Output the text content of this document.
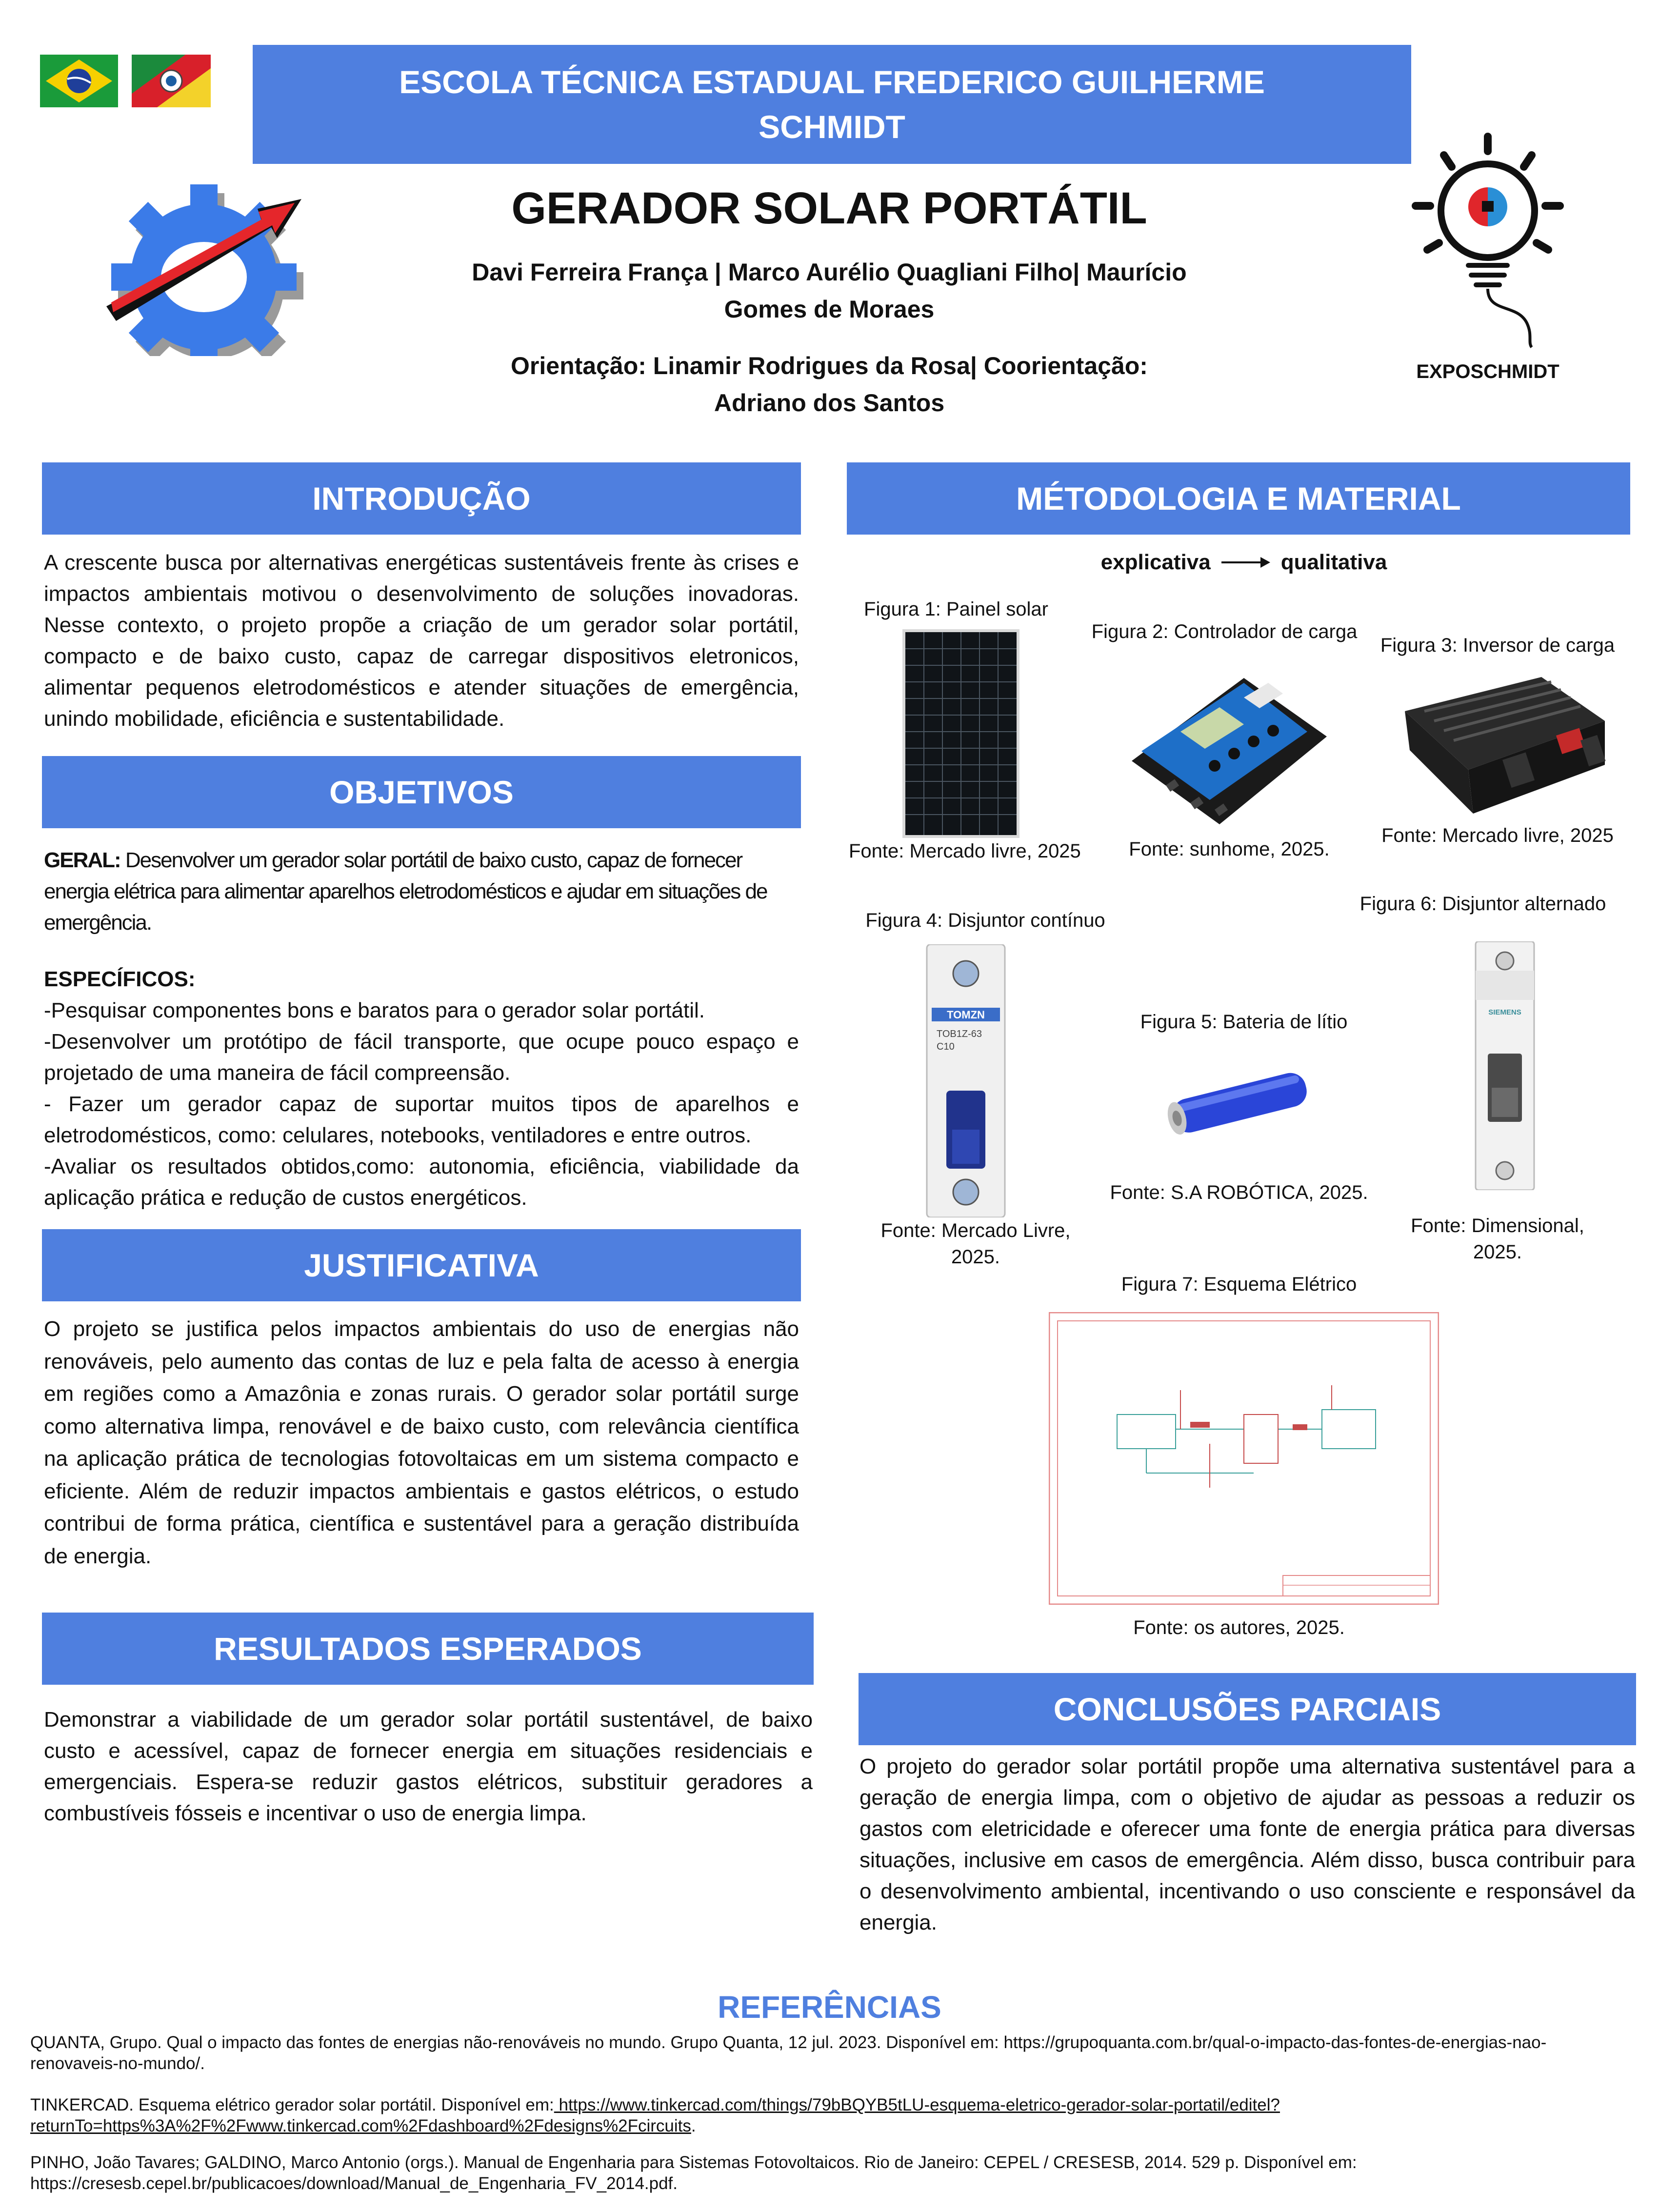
ESCOLA TÉCNICA ESTADUAL FREDERICO GUILHERME
SCHMIDT
GERADOR SOLAR PORTÁTIL
Davi Ferreira França | Marco Aurélio Quagliani Filho| Maurício
Gomes de Moraes
Orientação: Linamir Rodrigues da Rosa| Coorientação:
Adriano dos Santos
EXPOSCHMIDT
INTRODUÇÃO
A crescente busca por alternativas energéticas sustentáveis frente às crises e impactos ambientais motivou o desenvolvimento de soluções inovadoras. Nesse contexto, o projeto propõe a criação de um gerador solar portátil, compacto e de baixo custo, capaz de carregar dispositivos eletronicos, alimentar pequenos eletrodomésticos e atender situações de emergência, unindo mobilidade, eficiência e sustentabilidade.
OBJETIVOS
GERAL: Desenvolver um gerador solar portátil de baixo custo, capaz de fornecer energia elétrica para alimentar aparelhos eletrodomésticos e ajudar em situações de emergência.
ESPECÍFICOS:
-Pesquisar componentes bons e baratos para o gerador solar portátil.
-Desenvolver um protótipo de fácil transporte, que ocupe pouco espaço e projetado de uma maneira de fácil compreensão.
- Fazer um gerador capaz de suportar muitos tipos de aparelhos e eletrodomésticos, como: celulares, notebooks, ventiladores e entre outros.
-Avaliar os resultados obtidos,como: autonomia, eficiência, viabilidade da aplicação prática e redução de custos energéticos.
JUSTIFICATIVA
O projeto se justifica pelos impactos ambientais do uso de energias não renováveis, pelo aumento das contas de luz e pela falta de acesso à energia em regiões como a Amazônia e zonas rurais. O gerador solar portátil surge como alternativa limpa, renovável e de baixo custo, com relevância científica na aplicação prática de tecnologias fotovoltaicas em um sistema compacto e eficiente. Além de reduzir impactos ambientais e gastos elétricos, o estudo contribui de forma prática, científica e sustentável para a geração distribuída de energia.
RESULTADOS ESPERADOS
Demonstrar a viabilidade de um gerador solar portátil sustentável, de baixo custo e acessível, capaz de fornecer energia em situações residenciais e emergenciais. Espera-se reduzir gastos elétricos, substituir geradores a combustíveis fósseis e incentivar o uso de energia limpa.
MÉTODOLOGIA E MATERIAL
explicativa	qualitativa
Figura 1: Painel solar
Fonte: Mercado livre, 2025
Figura 2: Controlador de carga
Fonte: sunhome, 2025.
Figura 3: Inversor de carga
Fonte: Mercado livre, 2025
Figura 4: Disjuntor contínuo
TOMZN
TOB1Z-63
C10
Fonte: Mercado Livre,
2025.
Figura 5: Bateria de lítio
Fonte: S.A ROBÓTICA, 2025.
Figura 6: Disjuntor alternado
SIEMENS
Fonte: Dimensional,
2025.
Figura 7: Esquema Elétrico
Fonte: os autores, 2025.
CONCLUSÕES PARCIAIS
O projeto do gerador solar portátil propõe uma alternativa sustentável para a geração de energia limpa, com o objetivo de ajudar as pessoas a reduzir os gastos com eletricidade e oferecer uma fonte de energia prática para diversas situações, inclusive em casos de emergência. Além disso, busca contribuir para o desenvolvimento ambiental, incentivando o uso consciente e responsável da energia.
REFERÊNCIAS
QUANTA, Grupo. Qual o impacto das fontes de energias não-renováveis no mundo. Grupo Quanta, 12 jul. 2023. Disponível em: https://grupoquanta.com.br/qual-o-impacto-das-fontes-de-energias-nao-renovaveis-no-mundo/.
TINKERCAD. Esquema elétrico gerador solar portátil. Disponível em: https://www.tinkercad.com/things/79bBQYB5tLU-esquema-eletrico-gerador-solar-portatil/editel?returnTo=https%3A%2F%2Fwww.tinkercad.com%2Fdashboard%2Fdesigns%2Fcircuits.
PINHO, João Tavares; GALDINO, Marco Antonio (orgs.). Manual de Engenharia para Sistemas Fotovoltaicos. Rio de Janeiro: CEPEL / CRESESB, 2014. 529 p. Disponível em: https://cresesb.cepel.br/publicacoes/download/Manual_de_Engenharia_FV_2014.pdf.
